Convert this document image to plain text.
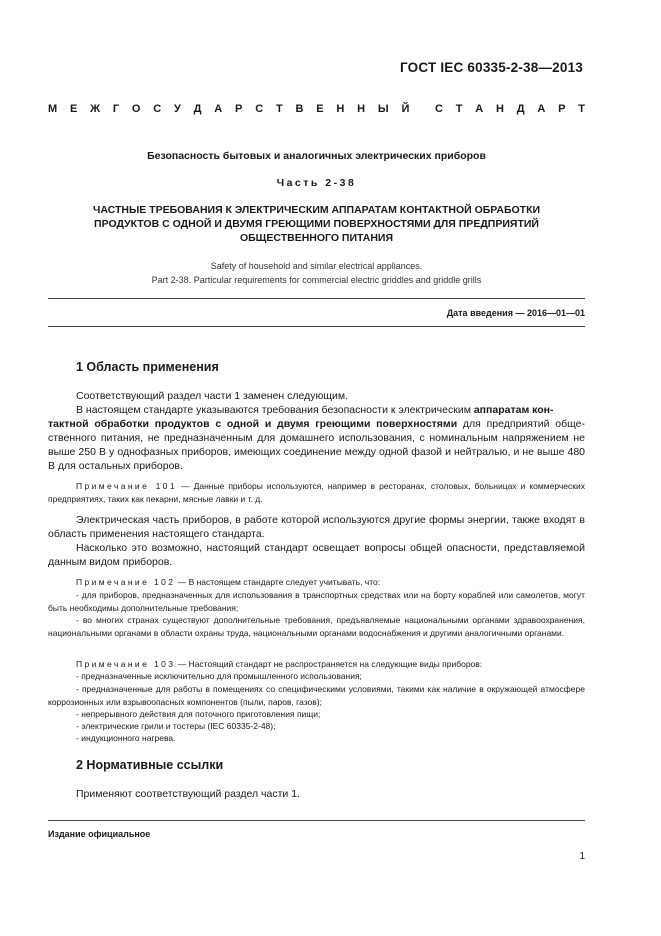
ГОСТ IEC 60335-2-38—2013
М Е Ж Г О С У Д А Р С Т В Е Н Н Ы Й С Т А Н Д А Р Т
Безопасность бытовых и аналогичных электрических приборов
Часть 2-38
ЧАСТНЫЕ ТРЕБОВАНИЯ К ЭЛЕКТРИЧЕСКИМ АППАРАТАМ КОНТАКТНОЙ ОБРАБОТКИ
ПРОДУКТОВ С ОДНОЙ И ДВУМЯ ГРЕЮЩИМИ ПОВЕРХНОСТЯМИ ДЛЯ ПРЕДПРИЯТИЙ
ОБЩЕСТВЕННОГО ПИТАНИЯ
Safety of household and similar electrical appliances.
Part 2-38. Particular requirements for commercial electric griddles and griddle grills
Дата введения — 2016—01—01
1 Область применения
Соответствующий раздел части 1 заменен следующим.
В настоящем стандарте указываются требования безопасности к электрическим аппаратам кон-
тактной обработки продуктов с одной и двумя греющими поверхностями для предприятий общественного питания, не предназначенным для домашнего использования, с номинальным напряжением не выше 250 В у однофазных приборов, имеющих соединение между одной фазой и нейтралью, и не выше 480 В для остальных приборов.
Примечание 101 — Данные приборы используются, например в ресторанах, столовых, больницах и коммерческих предприятиях, таких как пекарни, мясные лавки и т. д.
Электрическая часть приборов, в работе которой используются другие формы энергии, также входят в область применения настоящего стандарта.
Насколько это возможно, настоящий стандарт освещает вопросы общей опасности, представляемой данным видом приборов.
Примечание 102 — В настоящем стандарте следует учитывать, что:
- для приборов, предназначенных для использования в транспортных средствах или на борту кораблей или самолетов, могут быть необходимы дополнительные требования;
- во многих странах существуют дополнительные требования, предъявляемые национальными органами здравоохранения, национальными органами в области охраны труда, национальными органами водоснабжения и другими аналогичными органами.
Примечание 103 — Настоящий стандарт не распространяется на следующие виды приборов:
- предназначенные исключительно для промышленного использования;
- предназначенные для работы в помещениях со специфическими условиями, такими как наличие в окружающей атмосфере коррозионных или взрывоопасных компонентов (пыли, паров, газов);
- непрерывного действия для поточного приготовления пищи;
- электрические грили и тостеры (IEC 60335-2-48);
- индукционного нагрева.
2 Нормативные ссылки
Применяют соответствующий раздел части 1.
Издание официальное
1
